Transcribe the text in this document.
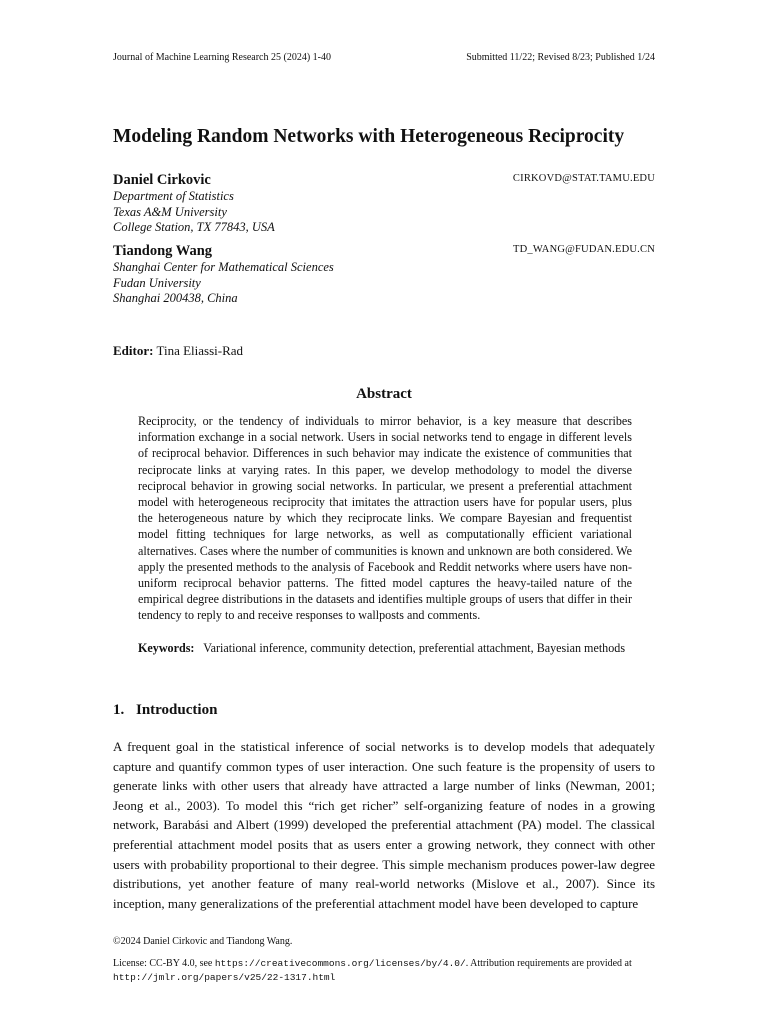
Journal of Machine Learning Research 25 (2024) 1-40	Submitted 11/22; Revised 8/23; Published 1/24
Modeling Random Networks with Heterogeneous Reciprocity
Daniel Cirkovic	CIRKOVD@STAT.TAMU.EDU
Department of Statistics
Texas A&M University
College Station, TX 77843, USA
Tiandong Wang	TD_WANG@FUDAN.EDU.CN
Shanghai Center for Mathematical Sciences
Fudan University
Shanghai 200438, China
Editor: Tina Eliassi-Rad
Abstract
Reciprocity, or the tendency of individuals to mirror behavior, is a key measure that describes information exchange in a social network. Users in social networks tend to engage in different levels of reciprocal behavior. Differences in such behavior may indicate the existence of communities that reciprocate links at varying rates. In this paper, we develop methodology to model the diverse reciprocal behavior in growing social networks. In particular, we present a preferential attachment model with heterogeneous reciprocity that imitates the attraction users have for popular users, plus the heterogeneous nature by which they reciprocate links. We compare Bayesian and frequentist model fitting techniques for large networks, as well as computationally efficient variational alternatives. Cases where the number of communities is known and unknown are both considered. We apply the presented methods to the analysis of Facebook and Reddit networks where users have non-uniform reciprocal behavior patterns. The fitted model captures the heavy-tailed nature of the empirical degree distributions in the datasets and identifies multiple groups of users that differ in their tendency to reply to and receive responses to wallposts and comments.
Keywords: Variational inference, community detection, preferential attachment, Bayesian methods
1. Introduction
A frequent goal in the statistical inference of social networks is to develop models that adequately capture and quantify common types of user interaction. One such feature is the propensity of users to generate links with other users that already have attracted a large number of links (Newman, 2001; Jeong et al., 2003). To model this “rich get richer” self-organizing feature of nodes in a growing network, Barabási and Albert (1999) developed the preferential attachment (PA) model. The classical preferential attachment model posits that as users enter a growing network, they connect with other users with probability proportional to their degree. This simple mechanism produces power-law degree distributions, yet another feature of many real-world networks (Mislove et al., 2007). Since its inception, many generalizations of the preferential attachment model have been developed to capture
©2024 Daniel Cirkovic and Tiandong Wang.
License: CC-BY 4.0, see https://creativecommons.org/licenses/by/4.0/. Attribution requirements are provided at http://jmlr.org/papers/v25/22-1317.html
